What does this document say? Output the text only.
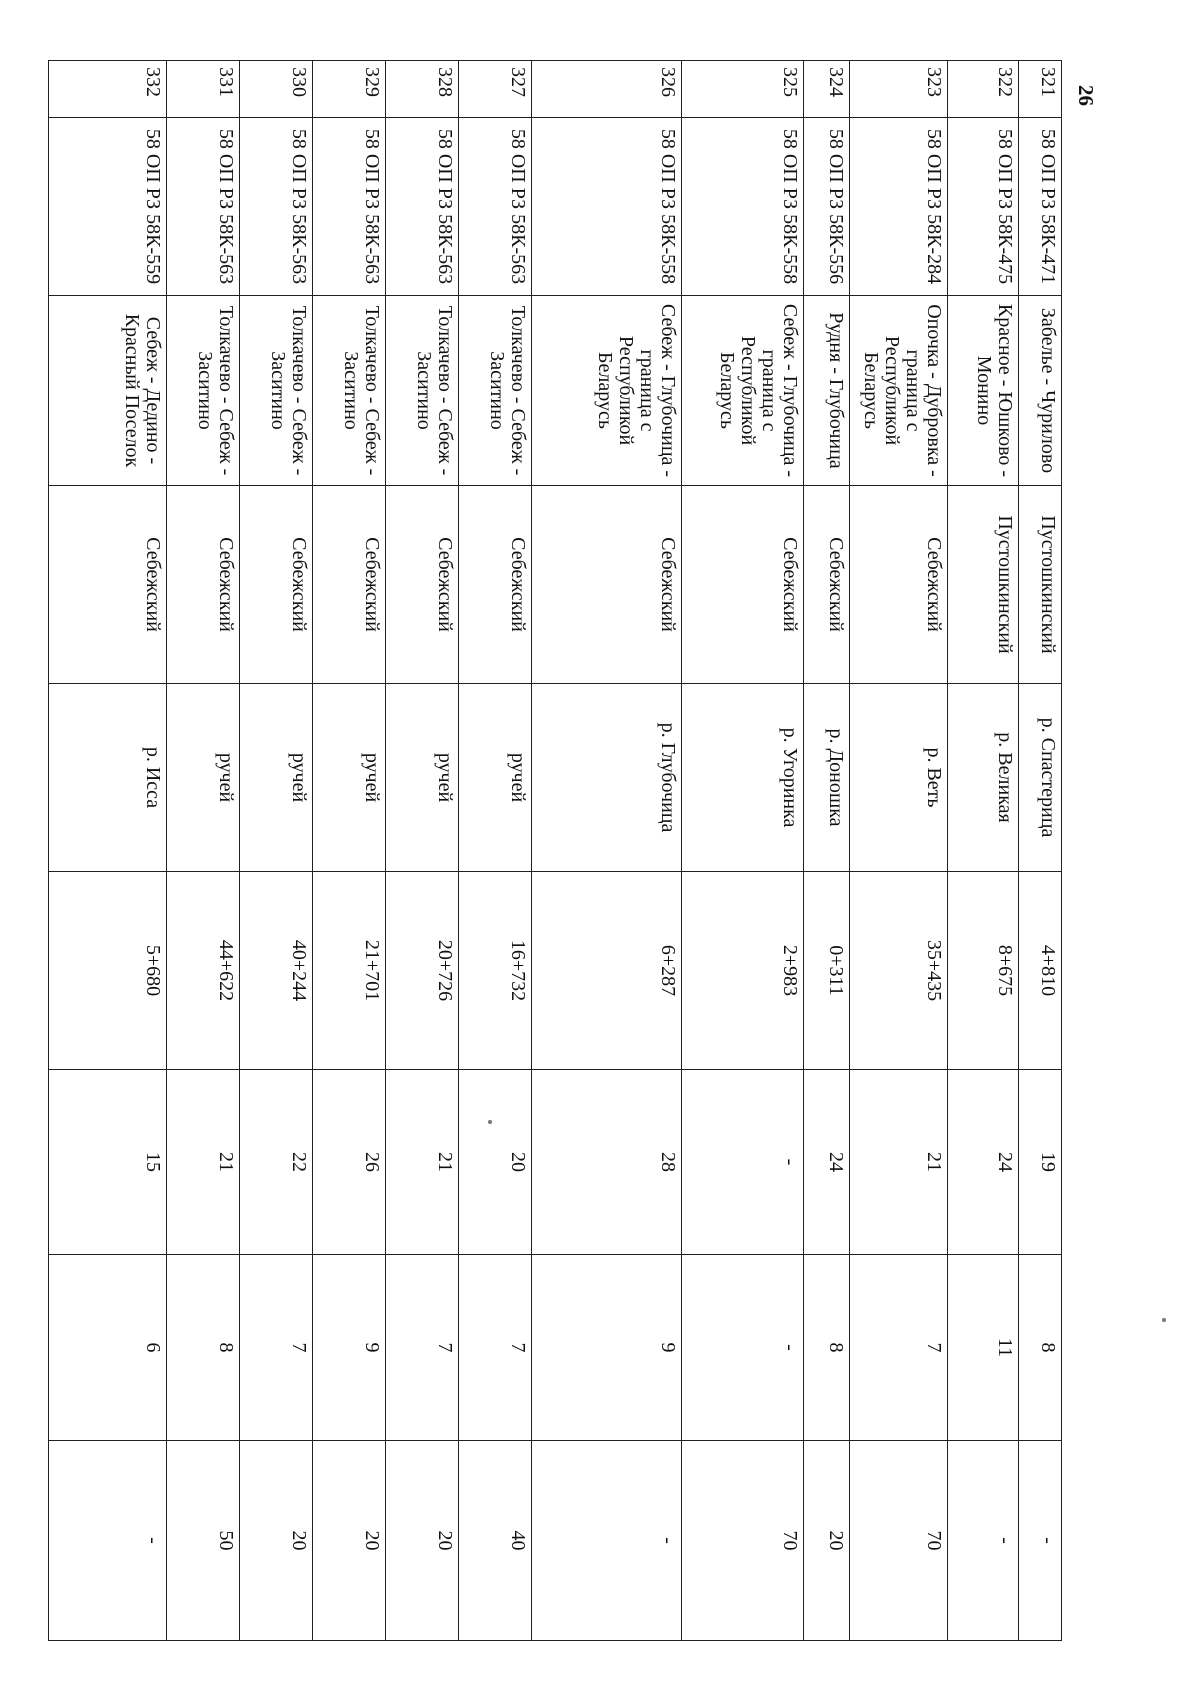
26
321	58 ОП РЗ 58К-471	Забелье - Чурилово	Пустошкинский	р. Спастерица	4+810	19	8	-
322	58 ОП РЗ 58К-475	Красное - Юшково - Монино	Пустошкинский	р. Великая	8+675	24	11	-
323	58 ОП РЗ 58К-284	Опочка - Дубровка - граница с Республикой Беларусь	Себежский	р. Веть	35+435	21	7	70
324	58 ОП РЗ 58К-556	Рудня - Глубочица	Себежский	р. Доношка	0+311	24	8	20
325	58 ОП РЗ 58К-558	Себеж - Глубочица - граница с Республикой Беларусь	Себежский	р. Угоринка	2+983	-	-	70
326	58 ОП РЗ 58К-558	Себеж - Глубочица - граница с Республикой Беларусь	Себежский	р. Глубочица	6+287	28	9	-
327	58 ОП РЗ 58К-563	Толкачево - Себеж - Заситино	Себежский	ручей	16+732	20	7	40
328	58 ОП РЗ 58К-563	Толкачево - Себеж - Заситино	Себежский	ручей	20+726	21	7	20
329	58 ОП РЗ 58К-563	Толкачево - Себеж - Заситино	Себежский	ручей	21+701	26	9	20
330	58 ОП РЗ 58К-563	Толкачево - Себеж - Заситино	Себежский	ручей	40+244	22	7	20
331	58 ОП РЗ 58К-563	Толкачево - Себеж - Заситино	Себежский	ручей	44+622	21	8	50
332	58 ОП РЗ 58К-559	Себеж - Дедино - Красный Поселок	Себежский	р. Исса	5+680	15	6	-
